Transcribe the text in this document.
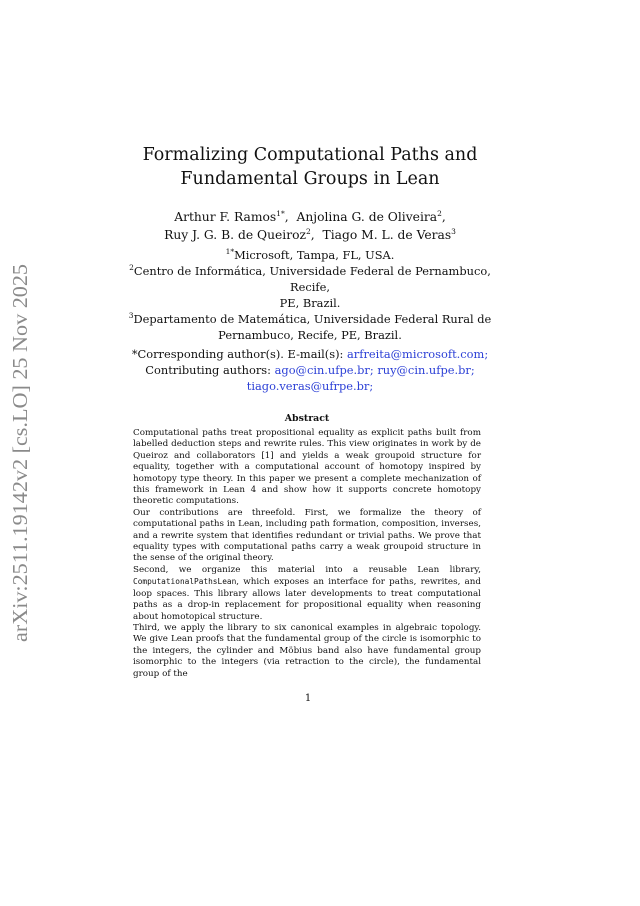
arXiv:2511.19142v2 [cs.LO] 25 Nov 2025
Formalizing Computational Paths and
Fundamental Groups in Lean
Arthur F. Ramos$^{1*}$,  Anjolina G. de Oliveira$^2$,
Ruy J. G. B. de Queiroz$^2$,  Tiago M. L. de Veras$^3$
$^{1*}$Microsoft, Tampa, FL, USA.
$^2$Centro de Informática, Universidade Federal de Pernambuco, Recife,
PE, Brazil.
$^3$Departamento de Matemática, Universidade Federal Rural de
Pernambuco, Recife, PE, Brazil.
*Corresponding author(s). E-mail(s): arfreita@microsoft.com;
Contributing authors: ago@cin.ufpe.br; ruy@cin.ufpe.br;
tiago.veras@ufrpe.br;
Abstract

Computational paths treat propositional equality as explicit paths built from labelled deduction steps and rewrite rules. This view originates in work by de Queiroz and collaborators [1] and yields a weak groupoid structure for equality, together with a computational account of homotopy inspired by homotopy type theory. In this paper we present a complete mechanization of this framework in Lean 4 and show how it supports concrete homotopy theoretic computations.

Our contributions are threefold. First, we formalize the theory of computational paths in Lean, including path formation, composition, inverses, and a rewrite system that identifies redundant or trivial paths. We prove that equality types with computational paths carry a weak groupoid structure in the sense of the original theory.

Second, we organize this material into a reusable Lean library, ComputationalPathsLean, which exposes an interface for paths, rewrites, and loop spaces. This library allows later developments to treat computational paths as a drop-in replacement for propositional equality when reasoning about homotopical structure.

Third, we apply the library to six canonical examples in algebraic topology. We give Lean proofs that the fundamental group of the circle is isomorphic to the integers, the cylinder and Möbius band also have fundamental group isomorphic to the integers (via retraction to the circle), the fundamental group of the

1
